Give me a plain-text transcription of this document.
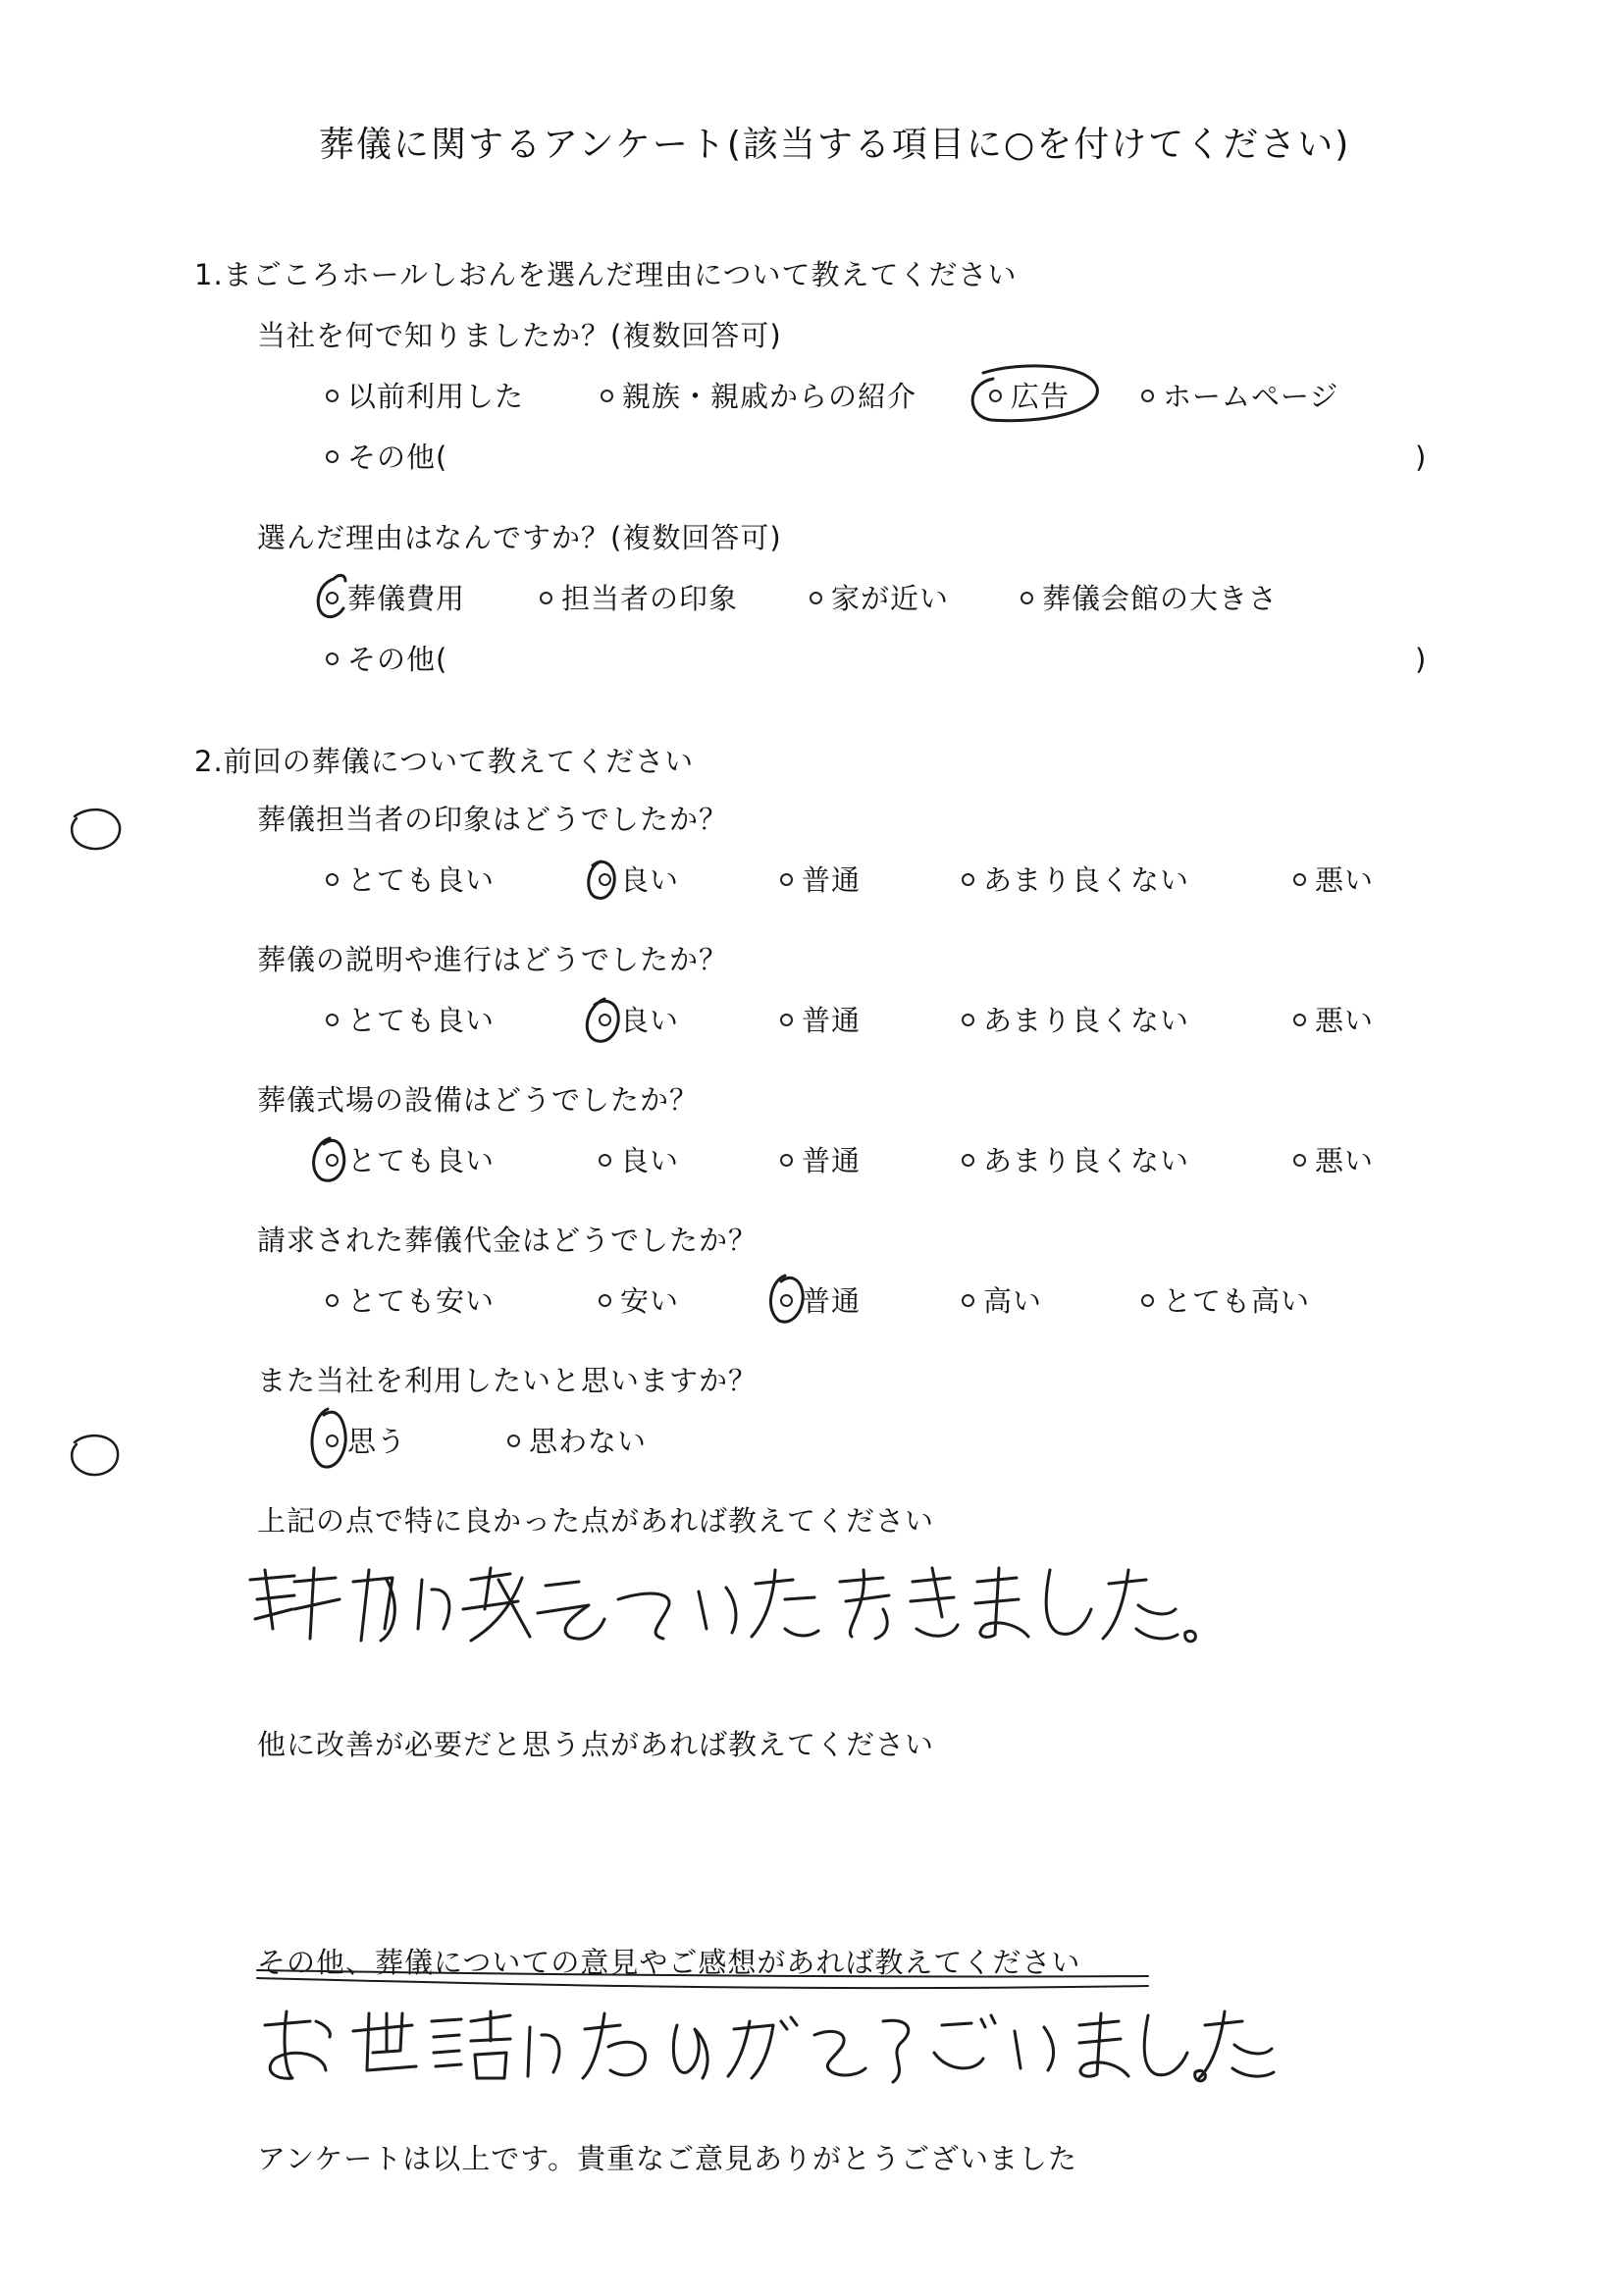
葬儀に関するアンケート(該当する項目に○を付けてください)
1.まごころホールしおんを選んだ理由について教えてください
当社を何で知りましたか？(複数回答可)
以前利用した	親族・親戚からの紹介	広告	ホームページ
その他(	)
選んだ理由はなんですか？(複数回答可)
葬儀費用	担当者の印象	家が近い	葬儀会館の大きさ
その他(	)
2.前回の葬儀について教えてください
葬儀担当者の印象はどうでしたか？
とても良い	良い	普通	あまり良くない	悪い
葬儀の説明や進行はどうでしたか？
とても良い	良い	普通	あまり良くない	悪い
葬儀式場の設備はどうでしたか？
とても良い	良い	普通	あまり良くない	悪い
請求された葬儀代金はどうでしたか？
とても安い	安い	普通	高い	とても高い
また当社を利用したいと思いますか？
思う	思わない
上記の点で特に良かった点があれば教えてください
他に改善が必要だと思う点があれば教えてください
その他、葬儀についての意見やご感想があれば教えてください
アンケートは以上です。貴重なご意見ありがとうございました
